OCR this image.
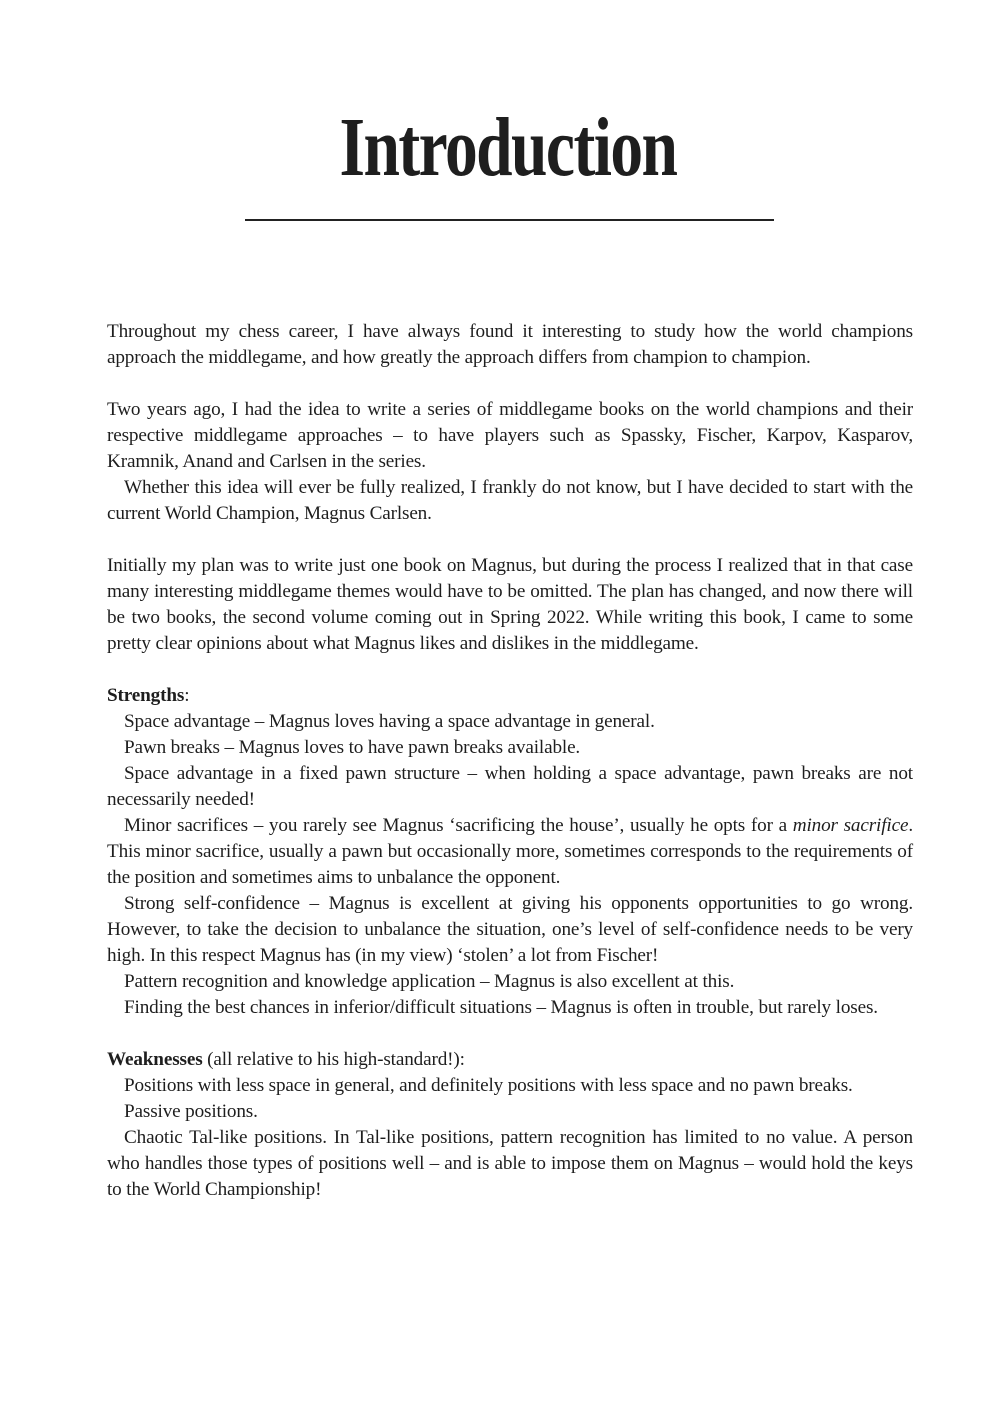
Introduction

Throughout my chess career, I have always found it interesting to study how the world champions approach the middlegame, and how greatly the approach differs from champion to champion.

Two years ago, I had the idea to write a series of middlegame books on the world champions and their respective middlegame approaches – to have players such as Spassky, Fischer, Karpov, Kasparov, Kramnik, Anand and Carlsen in the series.

Whether this idea will ever be fully realized, I frankly do not know, but I have decided to start with the current World Champion, Magnus Carlsen.

Initially my plan was to write just one book on Magnus, but during the process I realized that in that case many interesting middlegame themes would have to be omitted. The plan has changed, and now there will be two books, the second volume coming out in Spring 2022. While writing this book, I came to some pretty clear opinions about what Magnus likes and dislikes in the middlegame.

Strengths:

Space advantage – Magnus loves having a space advantage in general.

Pawn breaks – Magnus loves to have pawn breaks available.

Space advantage in a fixed pawn structure – when holding a space advantage, pawn breaks are not necessarily needed!

Minor sacrifices – you rarely see Magnus ‘sacrificing the house’, usually he opts for a minor sacrifice. This minor sacrifice, usually a pawn but occasionally more, sometimes corresponds to the requirements of the position and sometimes aims to unbalance the opponent.

Strong self-confidence – Magnus is excellent at giving his opponents opportunities to go wrong. However, to take the decision to unbalance the situation, one’s level of self-confidence needs to be very high. In this respect Magnus has (in my view) ‘stolen’ a lot from Fischer!

Pattern recognition and knowledge application – Magnus is also excellent at this.

Finding the best chances in inferior/difficult situations – Magnus is often in trouble, but rarely loses.

Weaknesses (all relative to his high-standard!):

Positions with less space in general, and definitely positions with less space and no pawn breaks.

Passive positions.

Chaotic Tal-like positions. In Tal-like positions, pattern recognition has limited to no value. A person who handles those types of positions well – and is able to impose them on Magnus – would hold the keys to the World Championship!
